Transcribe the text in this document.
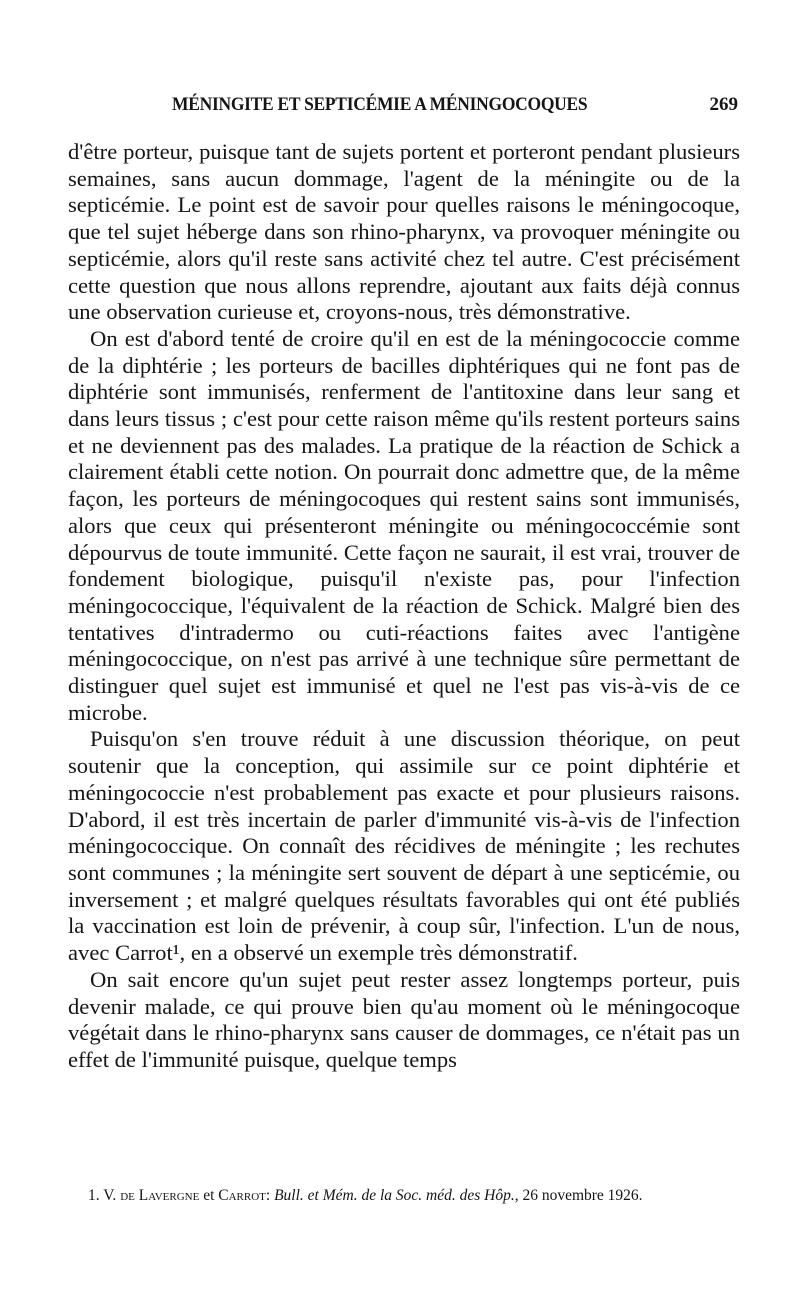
MÉNINGITE ET SEPTICÉMIE A MÉNINGOCOQUES	269

d'être porteur, puisque tant de sujets portent et porteront pendant plusieurs semaines, sans aucun dommage, l'agent de la méningite ou de la septicémie. Le point est de savoir pour quelles raisons le méningocoque, que tel sujet héberge dans son rhino-pharynx, va provoquer méningite ou septicémie, alors qu'il reste sans activité chez tel autre. C'est précisément cette question que nous allons reprendre, ajoutant aux faits déjà connus une observation curieuse et, croyons-nous, très démonstrative.

On est d'abord tenté de croire qu'il en est de la méningococcie comme de la diphtérie ; les porteurs de bacilles diphtériques qui ne font pas de diphtérie sont immunisés, renferment de l'antitoxine dans leur sang et dans leurs tissus ; c'est pour cette raison même qu'ils restent porteurs sains et ne deviennent pas des malades. La pratique de la réaction de Schick a clairement établi cette notion. On pourrait donc admettre que, de la même façon, les porteurs de méningocoques qui restent sains sont immunisés, alors que ceux qui présenteront méningite ou méningococcémie sont dépourvus de toute immunité. Cette façon ne saurait, il est vrai, trouver de fondement biologique, puisqu'il n'existe pas, pour l'infection méningococcique, l'équivalent de la réaction de Schick. Malgré bien des tentatives d'intradermo ou cuti-réactions faites avec l'antigène méningococcique, on n'est pas arrivé à une technique sûre permettant de distinguer quel sujet est immunisé et quel ne l'est pas vis-à-vis de ce microbe.

Puisqu'on s'en trouve réduit à une discussion théorique, on peut soutenir que la conception, qui assimile sur ce point diphtérie et méningococcie n'est probablement pas exacte et pour plusieurs raisons. D'abord, il est très incertain de parler d'immunité vis-à-vis de l'infection méningococcique. On connaît des récidives de méningite ; les rechutes sont communes ; la méningite sert souvent de départ à une septicémie, ou inversement ; et malgré quelques résultats favorables qui ont été publiés la vaccination est loin de prévenir, à coup sûr, l'infection. L'un de nous, avec Carrot¹, en a observé un exemple très démonstratif.

On sait encore qu'un sujet peut rester assez longtemps porteur, puis devenir malade, ce qui prouve bien qu'au moment où le méningocoque végétait dans le rhino-pharynx sans causer de dommages, ce n'était pas un effet de l'immunité puisque, quelque temps

1. V. de Lavergne et Carrot: Bull. et Mém. de la Soc. méd. des Hôp., 26 novembre 1926.
